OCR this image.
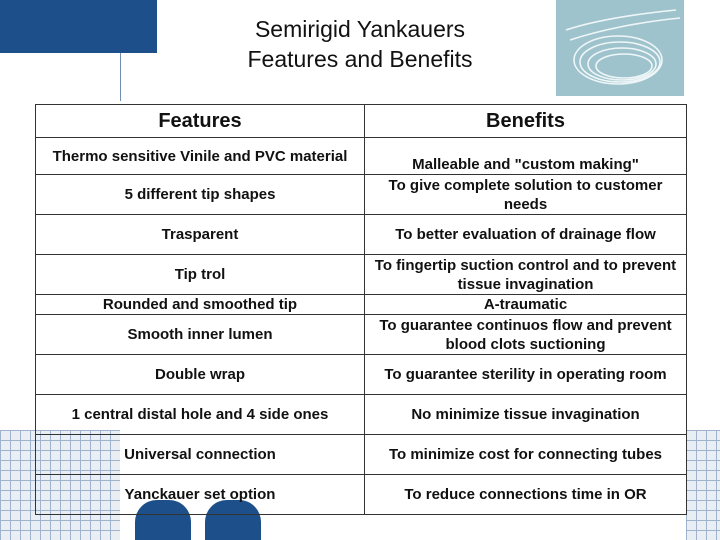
Semirigid Yankauers
Features and Benefits
Features	Benefits
Thermo sensitive Vinile and PVC material	Malleable and "custom making"
5 different tip shapes	To give complete solution to customer needs
Trasparent	To better evaluation of drainage flow
Tip trol	To fingertip suction control and to prevent tissue invagination
Rounded and smoothed tip	A-traumatic
Smooth inner lumen	To guarantee continuos flow and prevent blood clots suctioning
Double wrap	To guarantee sterility in operating room
1 central distal hole and 4 side ones	No minimize tissue invagination
Universal connection	To minimize cost for connecting tubes
Yanckauer set option	To reduce connections time in OR
